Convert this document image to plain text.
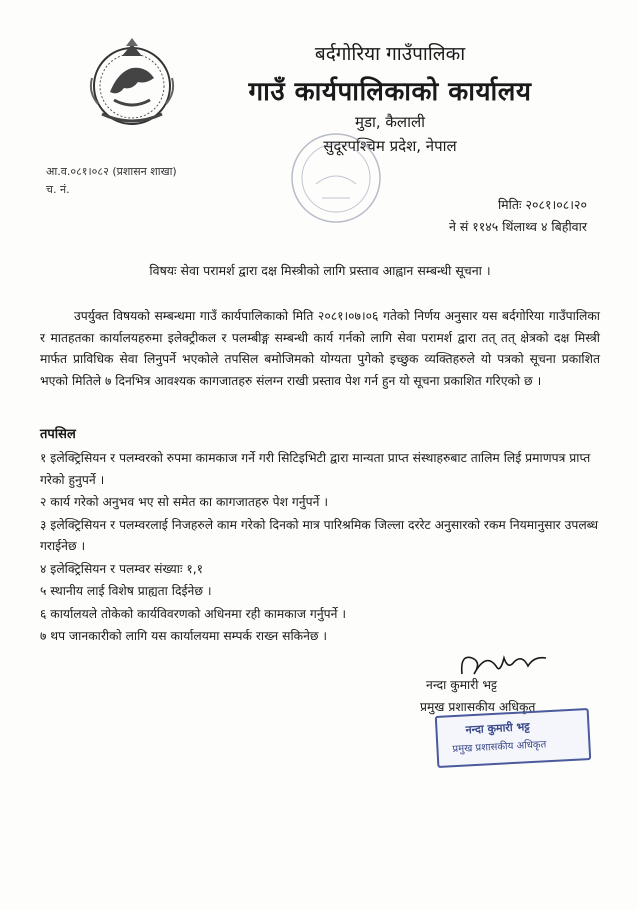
बर्दगोरिया गाउँपालिका
गाउँ कार्यपालिकाको कार्यालय
मुडा, कैलाली
सुदूरपश्चिम प्रदेश, नेपाल
आ.व.०८१।०८२ (प्रशासन शाखा)
च. नं.
मितिः २०८१।०८।२०
ने सं ११४५ थिंलाथ्व ४ बिहीवार
विषयः सेवा परामर्श द्वारा दक्ष मिस्त्रीको लागि प्रस्ताव आह्वान सम्बन्धी सूचना ।
उपर्युक्त विषयको सम्बन्धमा गाउँ कार्यपालिकाको मिति २०८१।०७।०६ गतेको निर्णय अनुसार यस बर्दगोरिया गाउँपालिका र मातहतका कार्यालयहरुमा इलेक्ट्रीकल र पलम्बीङ्ग सम्बन्धी कार्य गर्नको लागि सेवा परामर्श द्वारा तत् तत् क्षेत्रको दक्ष मिस्त्री मार्फत प्राविधिक सेवा लिनुपर्ने भएकोले तपसिल बमोजिमको योग्यता पुगेको इच्छुक व्यक्तिहरुले यो पत्रको सूचना प्रकाशित भएको मितिले ७ दिनभित्र आवश्यक कागजातहरु संलग्न राखी प्रस्ताव पेश गर्न हुन यो सूचना प्रकाशित गरिएको छ ।
तपसिल
१ इलेक्ट्रिसियन र पलम्वरको रुपमा कामकाज गर्ने गरी सिटिइभिटी द्वारा मान्यता प्राप्त संस्थाहरुबाट तालिम लिई प्रमाणपत्र प्राप्त गरेको हुनुपर्ने ।
२ कार्य गरेको अनुभव भए सो समेत का कागजातहरु पेश गर्नुपर्ने ।
३ इलेक्ट्रिसियन र पलम्वरलाई निजहरुले काम गरेको दिनको मात्र पारिश्रमिक जिल्ला दररेट अनुसारको रकम नियमानुसार उपलब्ध गराईनेछ ।
४ इलेक्ट्रिसियन र पलम्वर संख्याः १,१
५ स्थानीय लाई विशेष प्राह्यता दिईनेछ ।
६ कार्यालयले तोकेको कार्यविवरणको अधिनमा रही कामकाज गर्नुपर्ने ।
७ थप जानकारीको लागि यस कार्यालयमा सम्पर्क राख्न सकिनेछ ।
नन्दा कुमारी भट्ट
प्रमुख प्रशासकीय अधिकृत
नन्दा कुमारी भट्ट
प्रमुख प्रशासकीय अधिकृत
